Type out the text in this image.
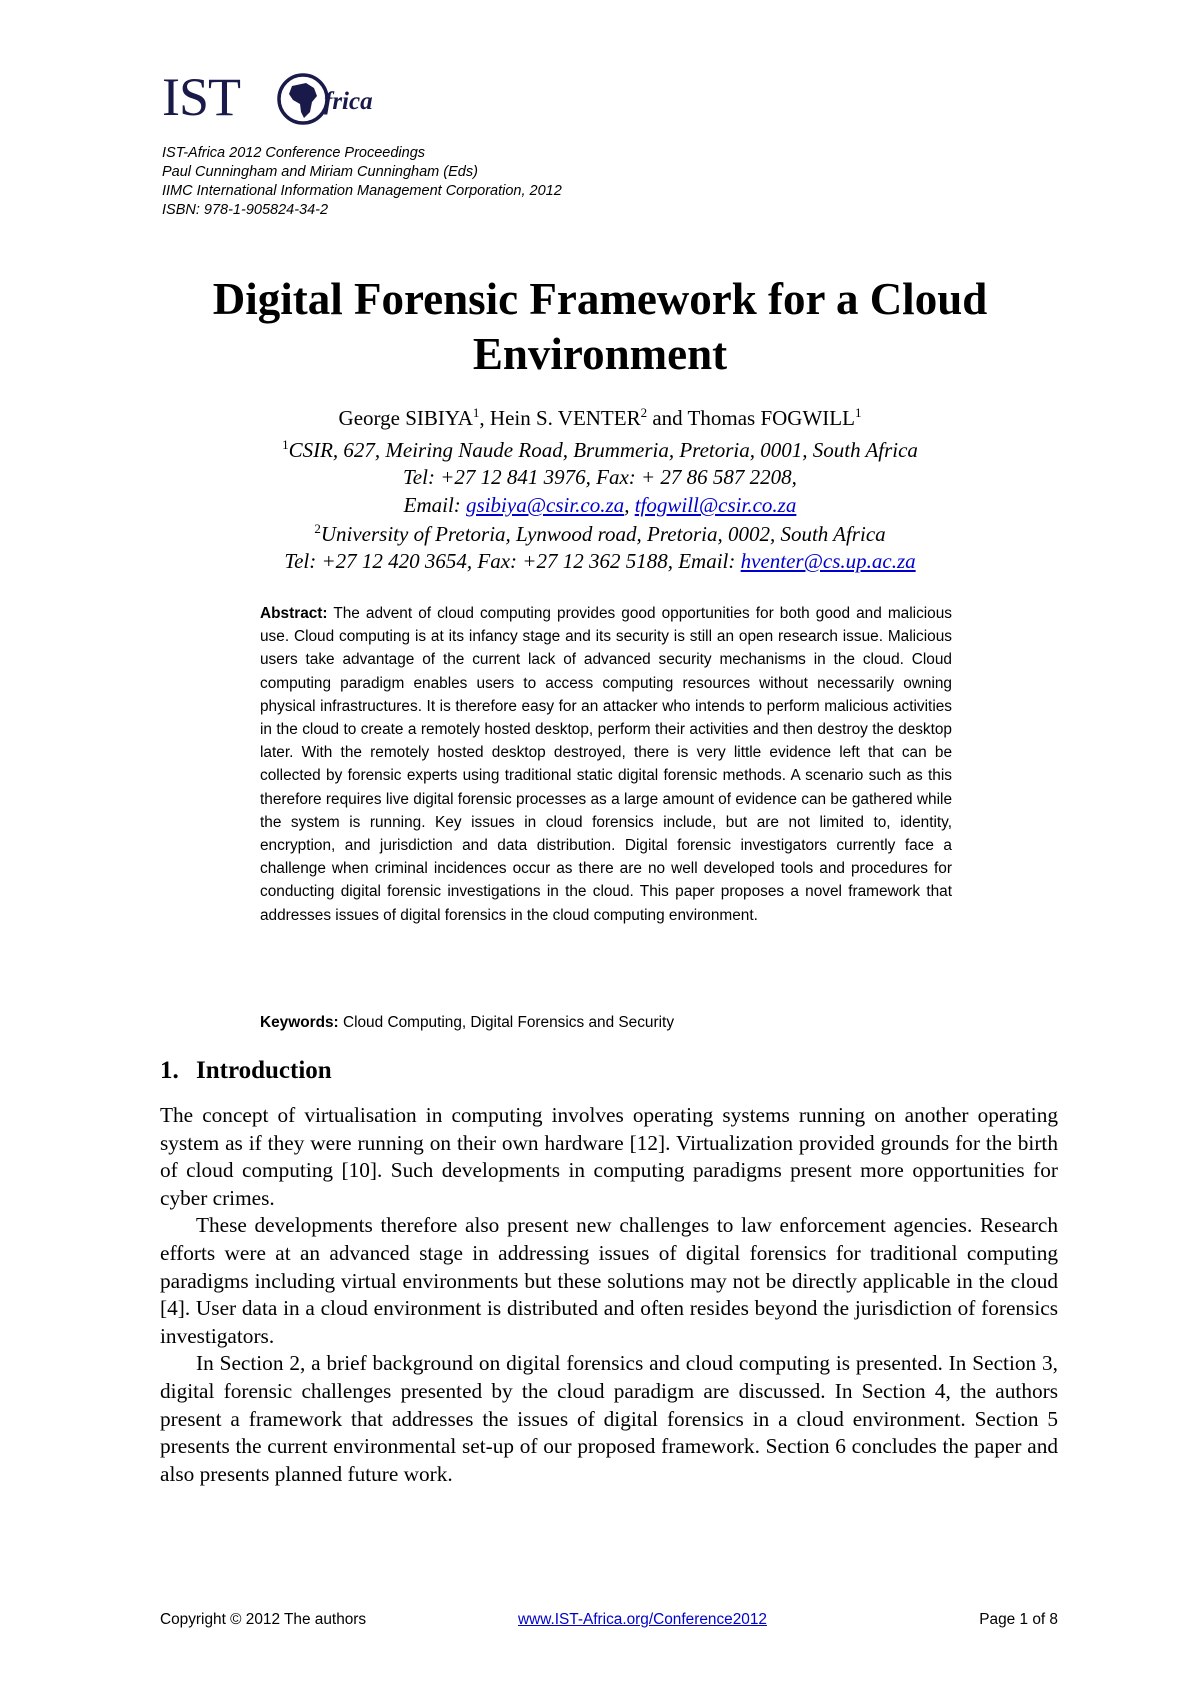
IST	frica
IST-Africa 2012 Conference Proceedings
Paul Cunningham and Miriam Cunningham (Eds)
IIMC International Information Management Corporation, 2012
ISBN: 978-1-905824-34-2
Digital Forensic Framework for a Cloud Environment
George SIBIYA$^1$, Hein S. VENTER$^2$ and Thomas FOGWILL$^1$
$^1$CSIR, 627, Meiring Naude Road, Brummeria, Pretoria, 0001, South Africa
Tel: +27 12 841 3976, Fax: + 27 86 587 2208,
Email: gsibiya@csir.co.za, tfogwill@csir.co.za
$^2$University of Pretoria, Lynwood road, Pretoria, 0002, South Africa
Tel: +27 12 420 3654, Fax: +27 12 362 5188, Email: hventer@cs.up.ac.za
Abstract: The advent of cloud computing provides good opportunities for both good and malicious use. Cloud computing is at its infancy stage and its security is still an open research issue. Malicious users take advantage of the current lack of advanced security mechanisms in the cloud. Cloud computing paradigm enables users to access computing resources without necessarily owning physical infrastructures. It is therefore easy for an attacker who intends to perform malicious activities in the cloud to create a remotely hosted desktop, perform their activities and then destroy the desktop later. With the remotely hosted desktop destroyed, there is very little evidence left that can be collected by forensic experts using traditional static digital forensic methods. A scenario such as this therefore requires live digital forensic processes as a large amount of evidence can be gathered while the system is running. Key issues in cloud forensics include, but are not limited to, identity, encryption, and jurisdiction and data distribution. Digital forensic investigators currently face a challenge when criminal incidences occur as there are no well developed tools and procedures for conducting digital forensic investigations in the cloud. This paper proposes a novel framework that addresses issues of digital forensics in the cloud computing environment.
Keywords: Cloud Computing, Digital Forensics and Security
1. Introduction

The concept of virtualisation in computing involves operating systems running on another operating system as if they were running on their own hardware [12]. Virtualization provided grounds for the birth of cloud computing [10]. Such developments in computing paradigms present more opportunities for cyber crimes.

These developments therefore also present new challenges to law enforcement agencies. Research efforts were at an advanced stage in addressing issues of digital forensics for traditional computing paradigms including virtual environments but these solutions may not be directly applicable in the cloud [4]. User data in a cloud environment is distributed and often resides beyond the jurisdiction of forensics investigators.

In Section 2, a brief background on digital forensics and cloud computing is presented. In Section 3, digital forensic challenges presented by the cloud paradigm are discussed. In Section 4, the authors present a framework that addresses the issues of digital forensics in a cloud environment. Section 5 presents the current environmental set-up of our proposed framework. Section 6 concludes the paper and also presents planned future work.

Copyright © 2012 The authors	www.IST-Africa.org/Conference2012	Page 1 of 8
